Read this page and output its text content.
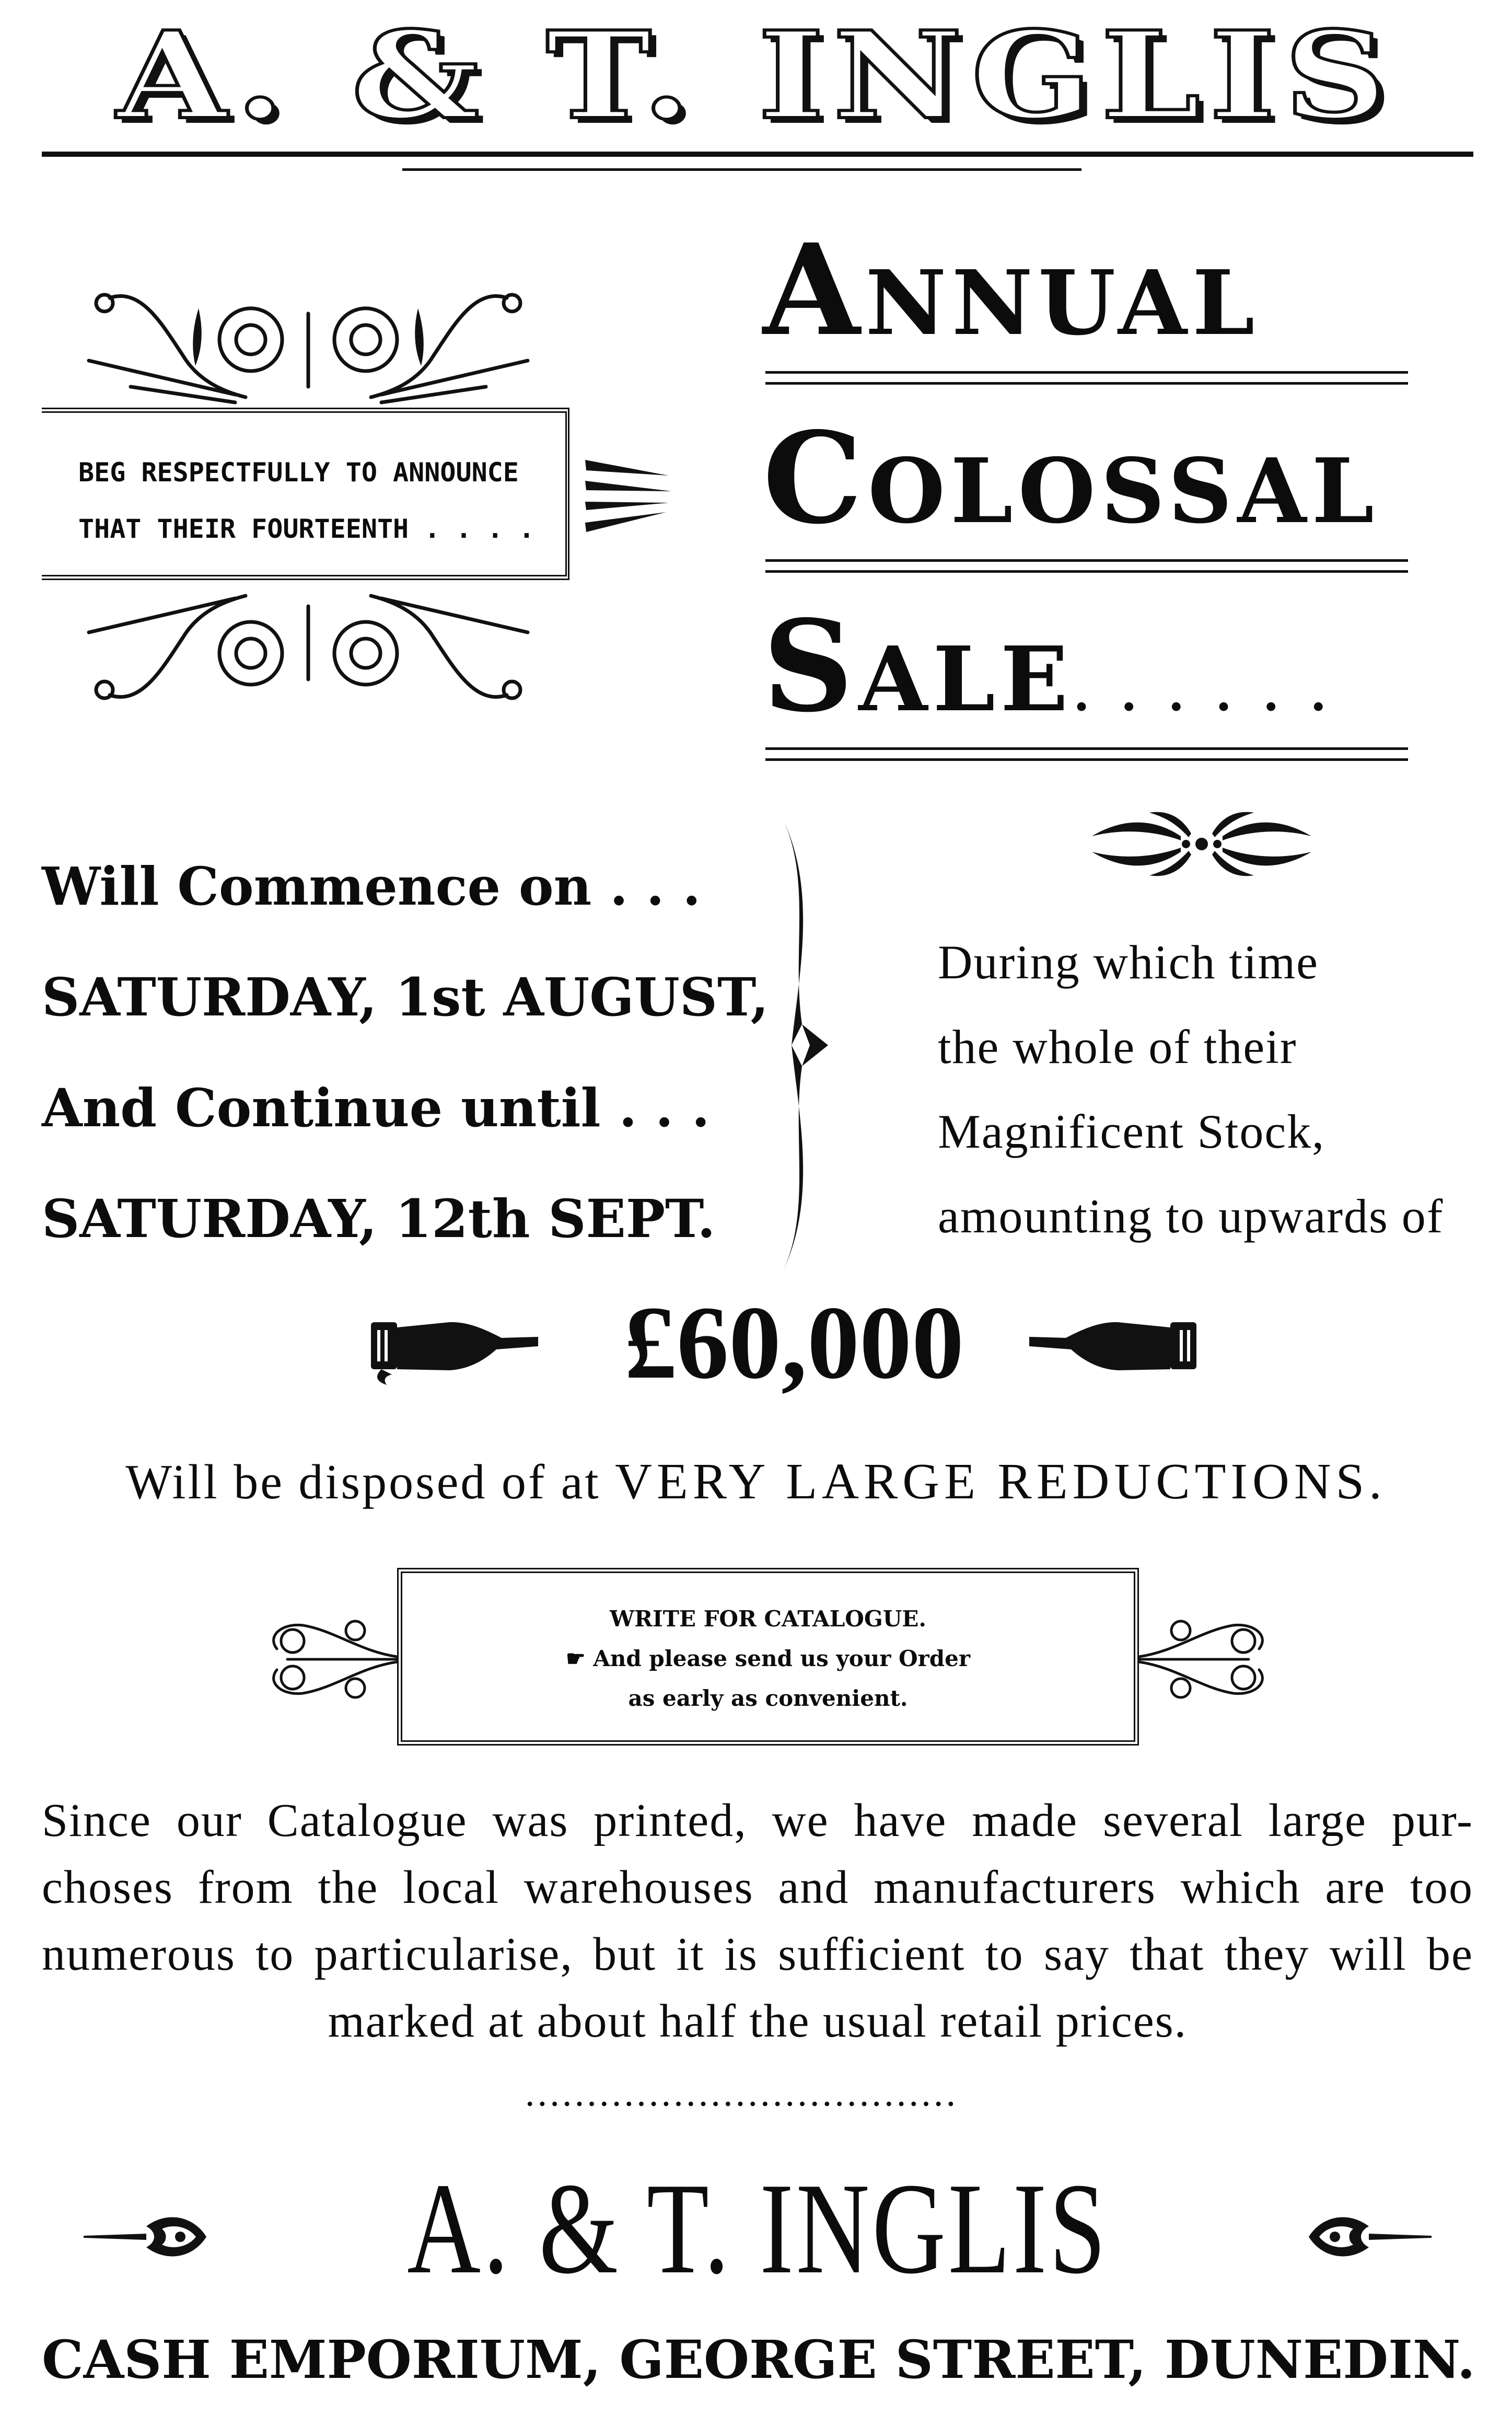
A. & T. INGLIS
BEG RESPECTFULLY TO ANNOUNCE
THAT THEIR FOURTEENTH . . . .
ANNUAL
COLOSSAL
SALE. . . . . .
Will Commence on . . .
SATURDAY, 1st AUGUST,
And Continue until . . .
SATURDAY, 12th SEPT.
During which time
the whole of their
Magnificent Stock,
amounting to upwards of
£60,000
Will be disposed of at VERY LARGE REDUCTIONS.
WRITE FOR CATALOGUE.
☛ And please send us your Order
as early as convenient.
Since our Catalogue was printed, we have made several large pur-choses from the local warehouses and manufacturers which are too numerous to particularise, but it is sufficient to say that they will be marked at about half the usual retail prices.
•••••••••••••••••••••••••••••••••••
A. & T. INGLIS
CASH EMPORIUM, GEORGE STREET, DUNEDIN.
